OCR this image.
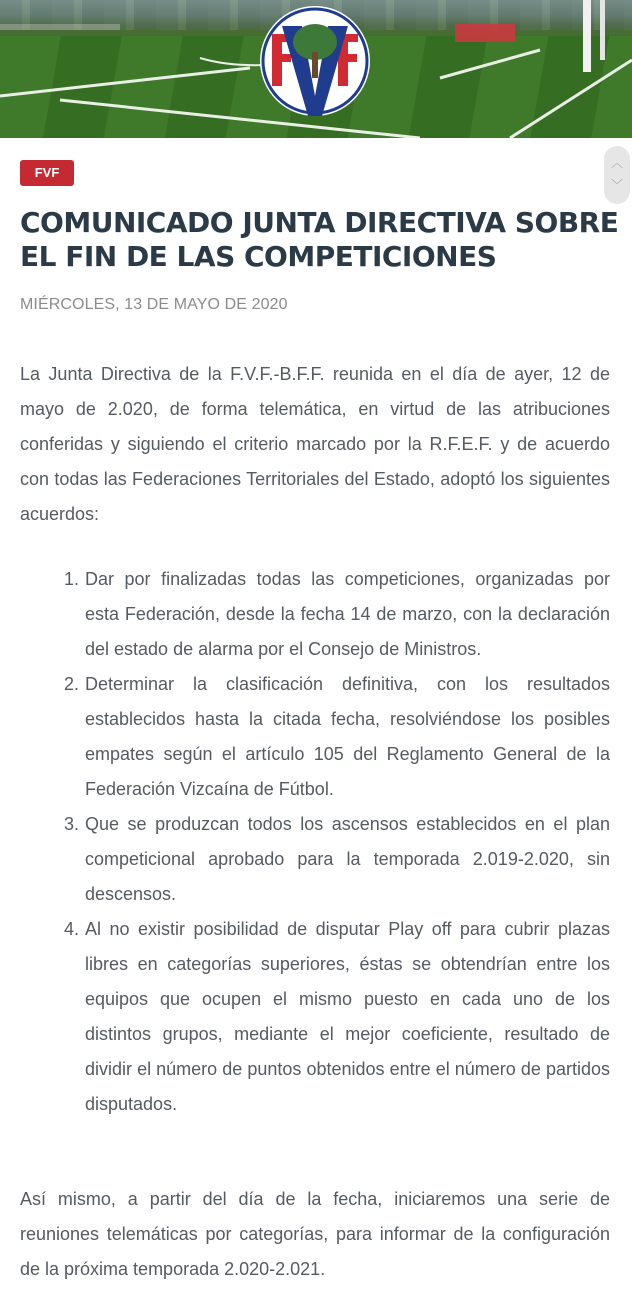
︿
﹀
FVF
COMUNICADO JUNTA DIRECTIVA SOBRE EL FIN DE LAS COMPETICIONES
MIÉRCOLES, 13 DE MAYO DE 2020

La Junta Directiva de la F.V.F.-B.F.F. reunida en el día de ayer, 12 de mayo de 2.020, de forma telemática, en virtud de las atribuciones conferidas y siguiendo el criterio marcado por la R.F.E.F. y de acuerdo con todas las Federaciones Territoriales del Estado, adoptó los siguientes acuerdos:

1. Dar por finalizadas todas las competiciones, organizadas por esta Federación, desde la fecha 14 de marzo, con la declaración del estado de alarma por el Consejo de Ministros.
2. Determinar la clasificación definitiva, con los resultados establecidos hasta la citada fecha, resolviéndose los posibles empates según el artículo 105 del Reglamento General de la Federación Vizcaína de Fútbol.
3. Que se produzcan todos los ascensos establecidos en el plan competicional aprobado para la temporada 2.019-2.020, sin descensos.
4. Al no existir posibilidad de disputar Play off para cubrir plazas libres en categorías superiores, éstas se obtendrían entre los equipos que ocupen el mismo puesto en cada uno de los distintos grupos, mediante el mejor coeficiente, resultado de dividir el número de puntos obtenidos entre el número de partidos disputados.

Así mismo, a partir del día de la fecha, iniciaremos una serie de reuniones telemáticas por categorías, para informar de la configuración de la próxima temporada 2.020-2.021.
